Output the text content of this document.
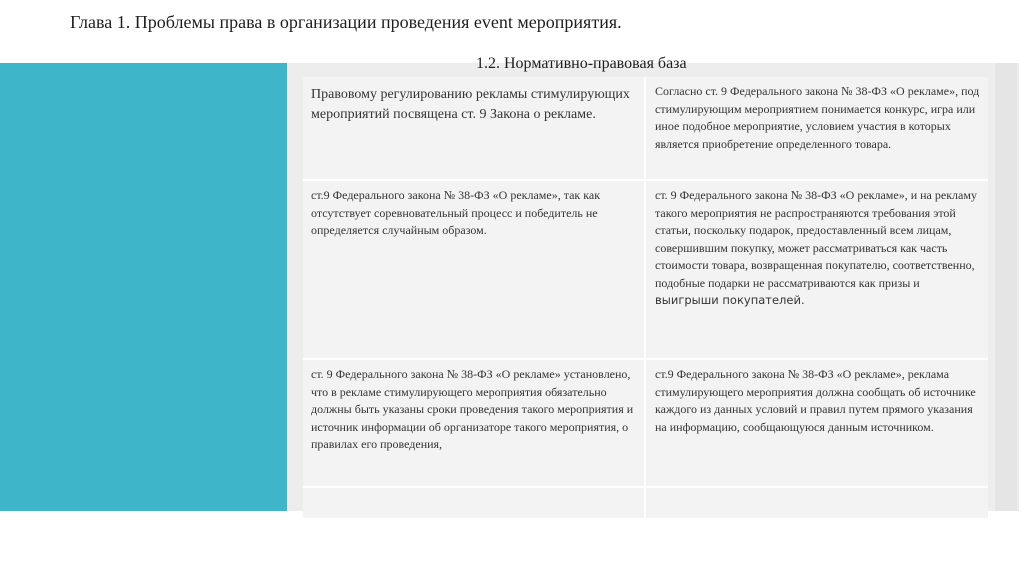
Глава 1. Проблемы права в организации проведения event мероприятия.
1.2. Нормативно-правовая база
Правовому регулированию рекламы стимулирующих мероприятий посвящена ст. 9 Закона о рекламе.
Согласно ст. 9 Федерального закона № 38-ФЗ «О рекламе», под стимулирующим мероприятием понимается конкурс, игра или иное подобное мероприятие, условием участия в которых является приобретение определенного товара.
ст.9 Федерального закона № 38-ФЗ «О рекламе», так как отсутствует соревновательный процесс и победитель не определяется случайным образом.
ст. 9 Федерального закона № 38-ФЗ «О рекламе», и на рекламу такого мероприятия не распространяются требования этой статьи, поскольку подарок, предоставленный всем лицам, совершившим покупку, может рассматриваться как часть стоимости товара, возвращенная покупателю, соответственно, подобные подарки не рассматриваются как призы и выигрыши покупателей.
ст. 9 Федерального закона № 38-ФЗ «О рекламе» установлено, что в рекламе стимулирующего мероприятия обязательно должны быть указаны сроки проведения такого мероприятия и источник информации об организаторе такого мероприятия, о правилах его проведения,
ст.9 Федерального закона № 38-ФЗ «О рекламе», реклама стимулирующего мероприятия должна сообщать об источнике каждого из данных условий и правил путем прямого указания на информацию, сообщающуюся данным источником.
